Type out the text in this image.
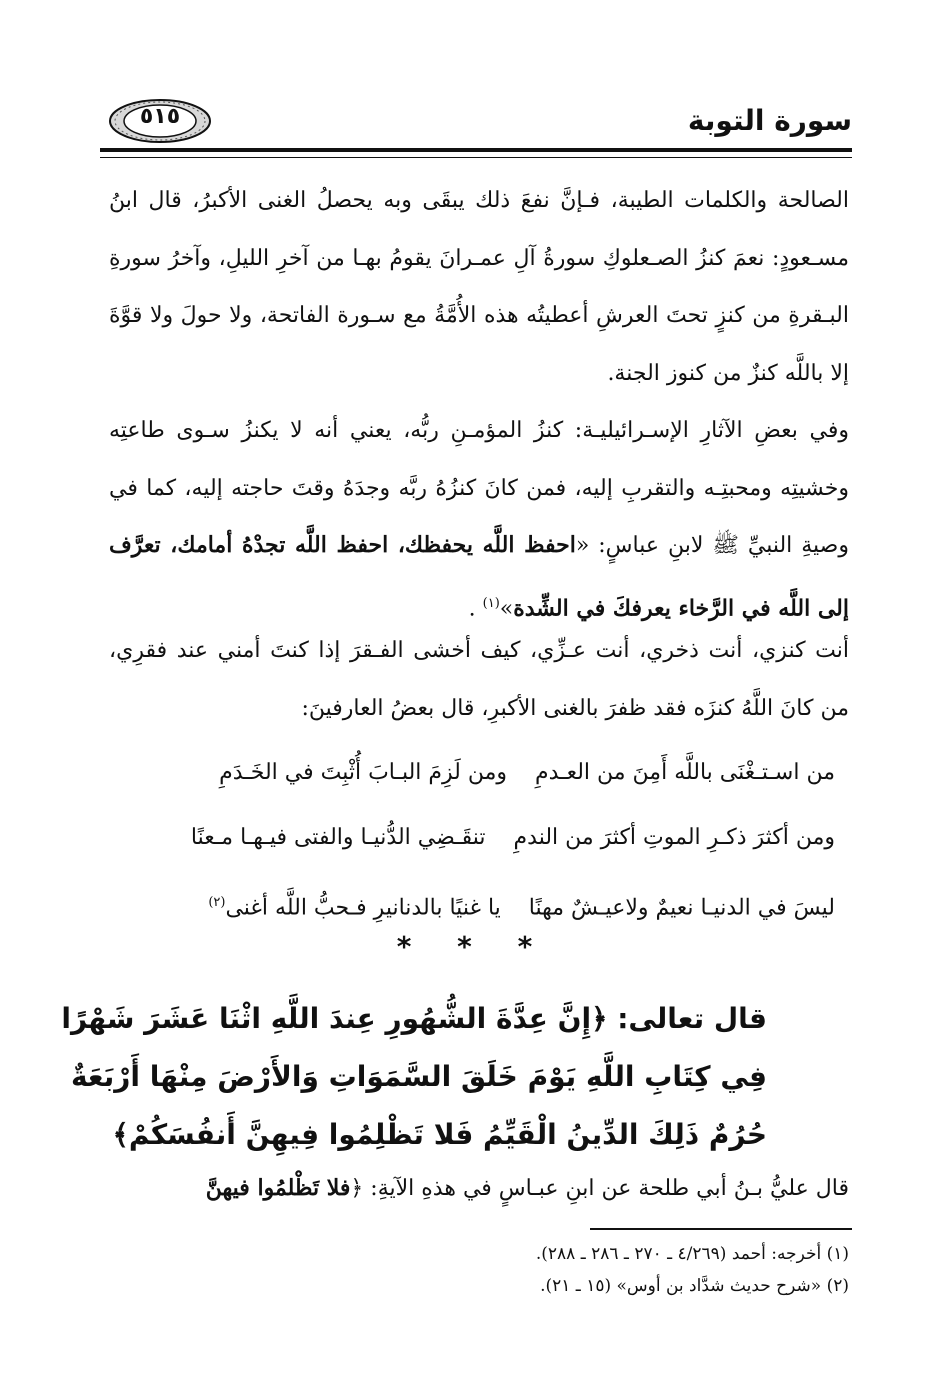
سورة التوبة
٥١٥

الصالحة والكلمات الطيبة، فـإنَّ نفعَ ذلك يبقَى وبه يحصلُ الغنى الأكبرُ، قال ابنُ مسـعودٍ: نعمَ كنزُ الصـعلوكِ سورةُ آلِ عمـرانَ يقومُ بهـا من آخرِ الليلِ، وآخرُ سورةِ البـقرةِ من كنزٍ تحتَ العرشِ أعطيتُه هذه الأُمَّةُ مع سـورة الفاتحة، ولا حولَ ولا قوَّةَ إلا باللَّه كنزٌ من كنوز الجنة.

وفي بعضِ الآثارِ الإسـرائيليـة: كنزُ المؤمـنِ ربُّه، يعني أنه لا يكنزُ سـوى طاعتِه وخشيتِه ومحبتِـه والتقربِ إليه، فمن كانَ كنزُهُ ربَّه وجدَهُ وقتَ حاجته إليه، كما في وصيةِ النبيِّ ﷺ لابنِ عباسٍ: «احفظ اللَّه يحفظك، احفظ اللَّه تجدْهُ أمامك، تعرَّف إلى اللَّه في الرَّخاء يعرفكَ في الشِّدة»$^{(١)}$ .

أنت كنزي، أنت ذخري، أنت عـزِّي، كيف أخشى الفـقرَ إذا كنتَ أمني عند فقرِي، من كانَ اللَّهُ كنزَه فقد ظفرَ بالغنى الأكبرِ، قال بعضُ العارفينَ:

من اسـتـغْنَى باللَّه أَمِنَ من العـدمِومن لَزِمَ البـابَ أُثْبِتَ في الخَـدَمِ

ومن أكثرَ ذكـرِ الموتِ أكثرَ من الندمِتنقَـضِي الدُّنيـا والفتى فيـهـا مـعنًا

ليسَ في الدنيـا نعيمٌ ولاعيـشٌ مهنًايا غنيًا بالدنانيرِ فـحبُّ اللَّه أغنى$^{(٢)}$

* * *

قال تعالى: ﴿إِنَّ عِدَّةَ الشُّهُورِ عِندَ اللَّهِ اثْنَا عَشَرَ شَهْرًا

فِي كِتَابِ اللَّهِ يَوْمَ خَلَقَ السَّمَوَاتِ وَالأَرْضَ مِنْهَا أَرْبَعَةٌ

حُرُمٌ ذَلِكَ الدِّينُ الْقَيِّمُ فَلا تَظْلِمُوا فِيهِنَّ أَنفُسَكُمْ﴾

قال عليُّ بـنُ أبي طلحة عن ابنِ عبـاسٍ في هذهِ الآيةِ: ﴿فلا تَظْلمُوا فيهنَّ

(١) أخرجه: أحمد (٤/٢٦٩ ـ ٢٧٠ ـ ٢٨٦ ـ ٢٨٨).

(٢) «شرح حديث شدَّاد بن أوس» (١٥ ـ ٢١).
